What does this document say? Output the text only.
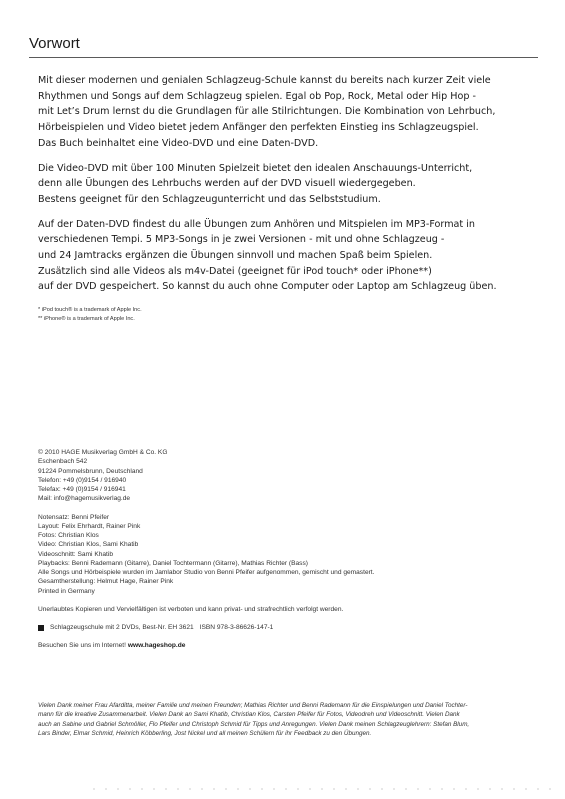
Vorwort

Mit dieser modernen und genialen Schlagzeug-Schule kannst du bereits nach kurzer Zeit viele
Rhythmen und Songs auf dem Schlagzeug spielen. Egal ob Pop, Rock, Metal oder Hip Hop -
mit Let’s Drum lernst du die Grundlagen für alle Stilrichtungen. Die Kombination von Lehrbuch,
Hörbeispielen und Video bietet jedem Anfänger den perfekten Einstieg ins Schlagzeugspiel.
Das Buch beinhaltet eine Video-DVD und eine Daten-DVD.

Die Video-DVD mit über 100 Minuten Spielzeit bietet den idealen Anschauungs-Unterricht,
denn alle Übungen des Lehrbuchs werden auf der DVD visuell wiedergegeben.
Bestens geeignet für den Schlagzeugunterricht und das Selbststudium.

Auf der Daten-DVD findest du alle Übungen zum Anhören und Mitspielen im MP3-Format in
verschiedenen Tempi. 5 MP3-Songs in je zwei Versionen - mit und ohne Schlagzeug -
und 24 Jamtracks ergänzen die Übungen sinnvoll und machen Spaß beim Spielen.
Zusätzlich sind alle Videos als m4v-Datei (geeignet für iPod touch* oder iPhone**)
auf der DVD gespeichert. So kannst du auch ohne Computer oder Laptop am Schlagzeug üben.

* iPod touch® is a trademark of Apple Inc.
** iPhone® is a trademark of Apple Inc.
© 2010 HAGE Musikverlag GmbH & Co. KG
Eschenbach 542
91224 Pommelsbrunn, Deutschland
Telefon: +49 (0)9154 / 916940
Telefax: +49 (0)9154 / 916941
Mail: info@hagemusikverlag.de
Notensatz: Benni Pfeifer
Layout: Felix Ehrhardt, Rainer Pink
Fotos: Christian Klos
Video: Christian Klos, Sami Khatib
Videoschnitt: Sami Khatib
Playbacks: Benni Rademann (Gitarre), Daniel Tochtermann (Gitarre), Mathias Richter (Bass)
Alle Songs und Hörbeispiele wurden im Jamlabor Studio von Benni Pfeifer aufgenommen, gemischt und gemastert.
Gesamtherstellung: Helmut Hage, Rainer Pink
Printed in Germany
Unerlaubtes Kopieren und Vervielfältigen ist verboten und kann privat- und strafrechtlich verfolgt werden.
Schlagzeugschule mit 2 DVDs, Best-Nr. EH 3621 ISBN 978-3-86626-147-1
Besuchen Sie uns im Internet! www.hageshop.de
Vielen Dank meiner Frau Afarditta, meiner Familie und meinen Freunden; Mathias Richter und Benni Rademann für die Einspielungen und Daniel Tochter-
mann für die kreative Zusammenarbeit. Vielen Dank an Sami Khatib, Christian Klos, Carsten Pfeifer für Fotos, Videodreh und Videoschnitt. Vielen Dank
auch an Sabine und Gabriel Schmöller, Flo Pfeifer und Christoph Schmid für Tipps und Anregungen. Vielen Dank meinen Schlagzeuglehrern: Stefan Blum,
Lars Binder, Elmar Schmid, Heinrich Köbberling, Jost Nickel und all meinen Schülern für ihr Feedback zu den Übungen.
